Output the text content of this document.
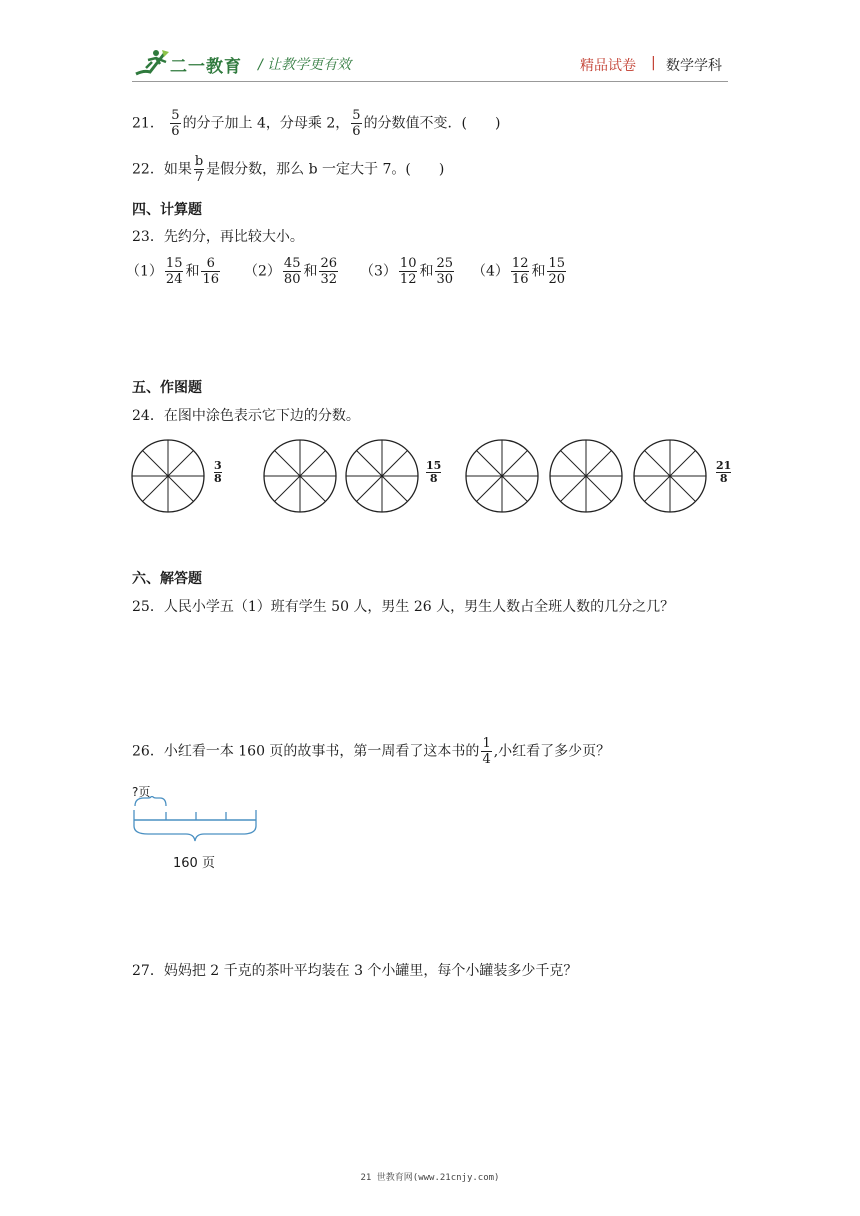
二一教育 / 让教学更有效	精品试卷 | 数学学科
21． $\frac{5}{6}$ 的分子加上 4，分母乘 2， $\frac{5}{6}$ 的分数值不变．(　　)
22．如果 $\frac{b}{7}$ 是假分数，那么 b 一定大于 7。(　　)
四、计算题
23．先约分，再比较大小。
$(1) \frac{15}{24}$ 和 $\frac{6}{16} (2) \frac{45}{80}$ 和 $\frac{26}{32} (3) \frac{10}{12}$ 和 $\frac{25}{30} (4) \frac{12}{16}$ 和 $\frac{15}{20}$
五、作图题
24．在图中涂色表示它下边的分数。
$\frac{3}{8}$	$\frac{15}{8}$	$\frac{21}{8}$
六、解答题
25．人民小学五（1）班有学生 50 人，男生 26 人，男生人数占全班人数的几分之几？
26．小红看一本 160 页的故事书，第一周看了这本书的 $\frac{1}{4}$ ,小红看了多少页？
?页
160 页
27．妈妈把 2 千克的茶叶平均装在 3 个小罐里，每个小罐装多少千克？
21 世教育网(www.21cnjy.com)
